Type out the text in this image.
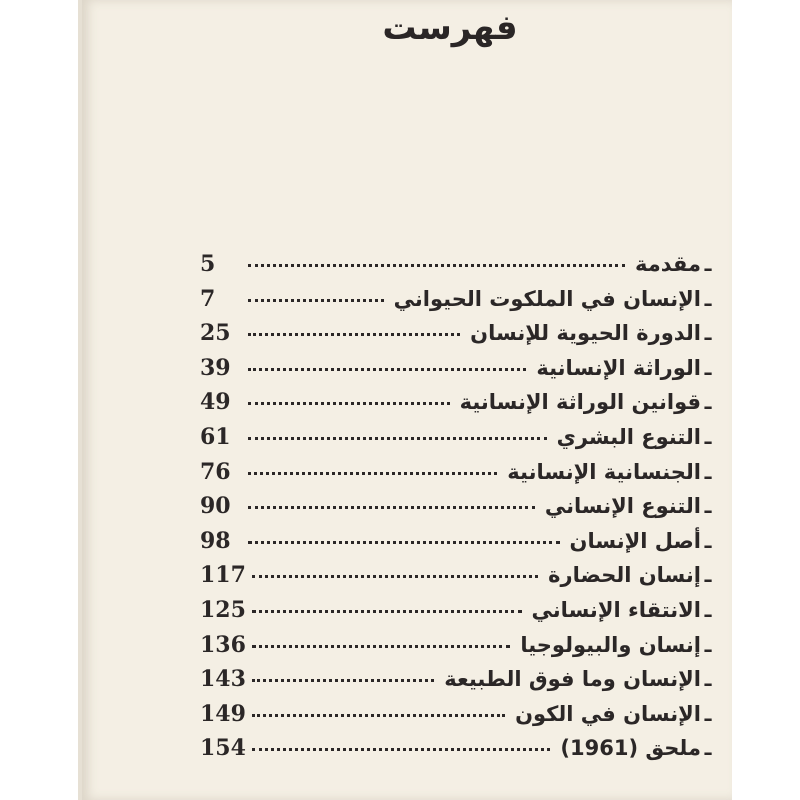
فهرست
ـ
مقدمة
5
ـ
الإنسان في الملكوت الحيواني
7
ـ
الدورة الحيوية للإنسان
25
ـ
الوراثة الإنسانية
39
ـ
قوانين الوراثة الإنسانية
49
ـ
التنوع البشري
61
ـ
الجنسانية الإنسانية
76
ـ
التنوع الإنساني
90
ـ
أصل الإنسان
98
ـ
إنسان الحضارة
117
ـ
الانتقاء الإنساني
125
ـ
إنسان والبيولوجيا
136
ـ
الإنسان وما فوق الطبيعة
143
ـ
الإنسان في الكون
149
ـ
ملحق (1961)
154
